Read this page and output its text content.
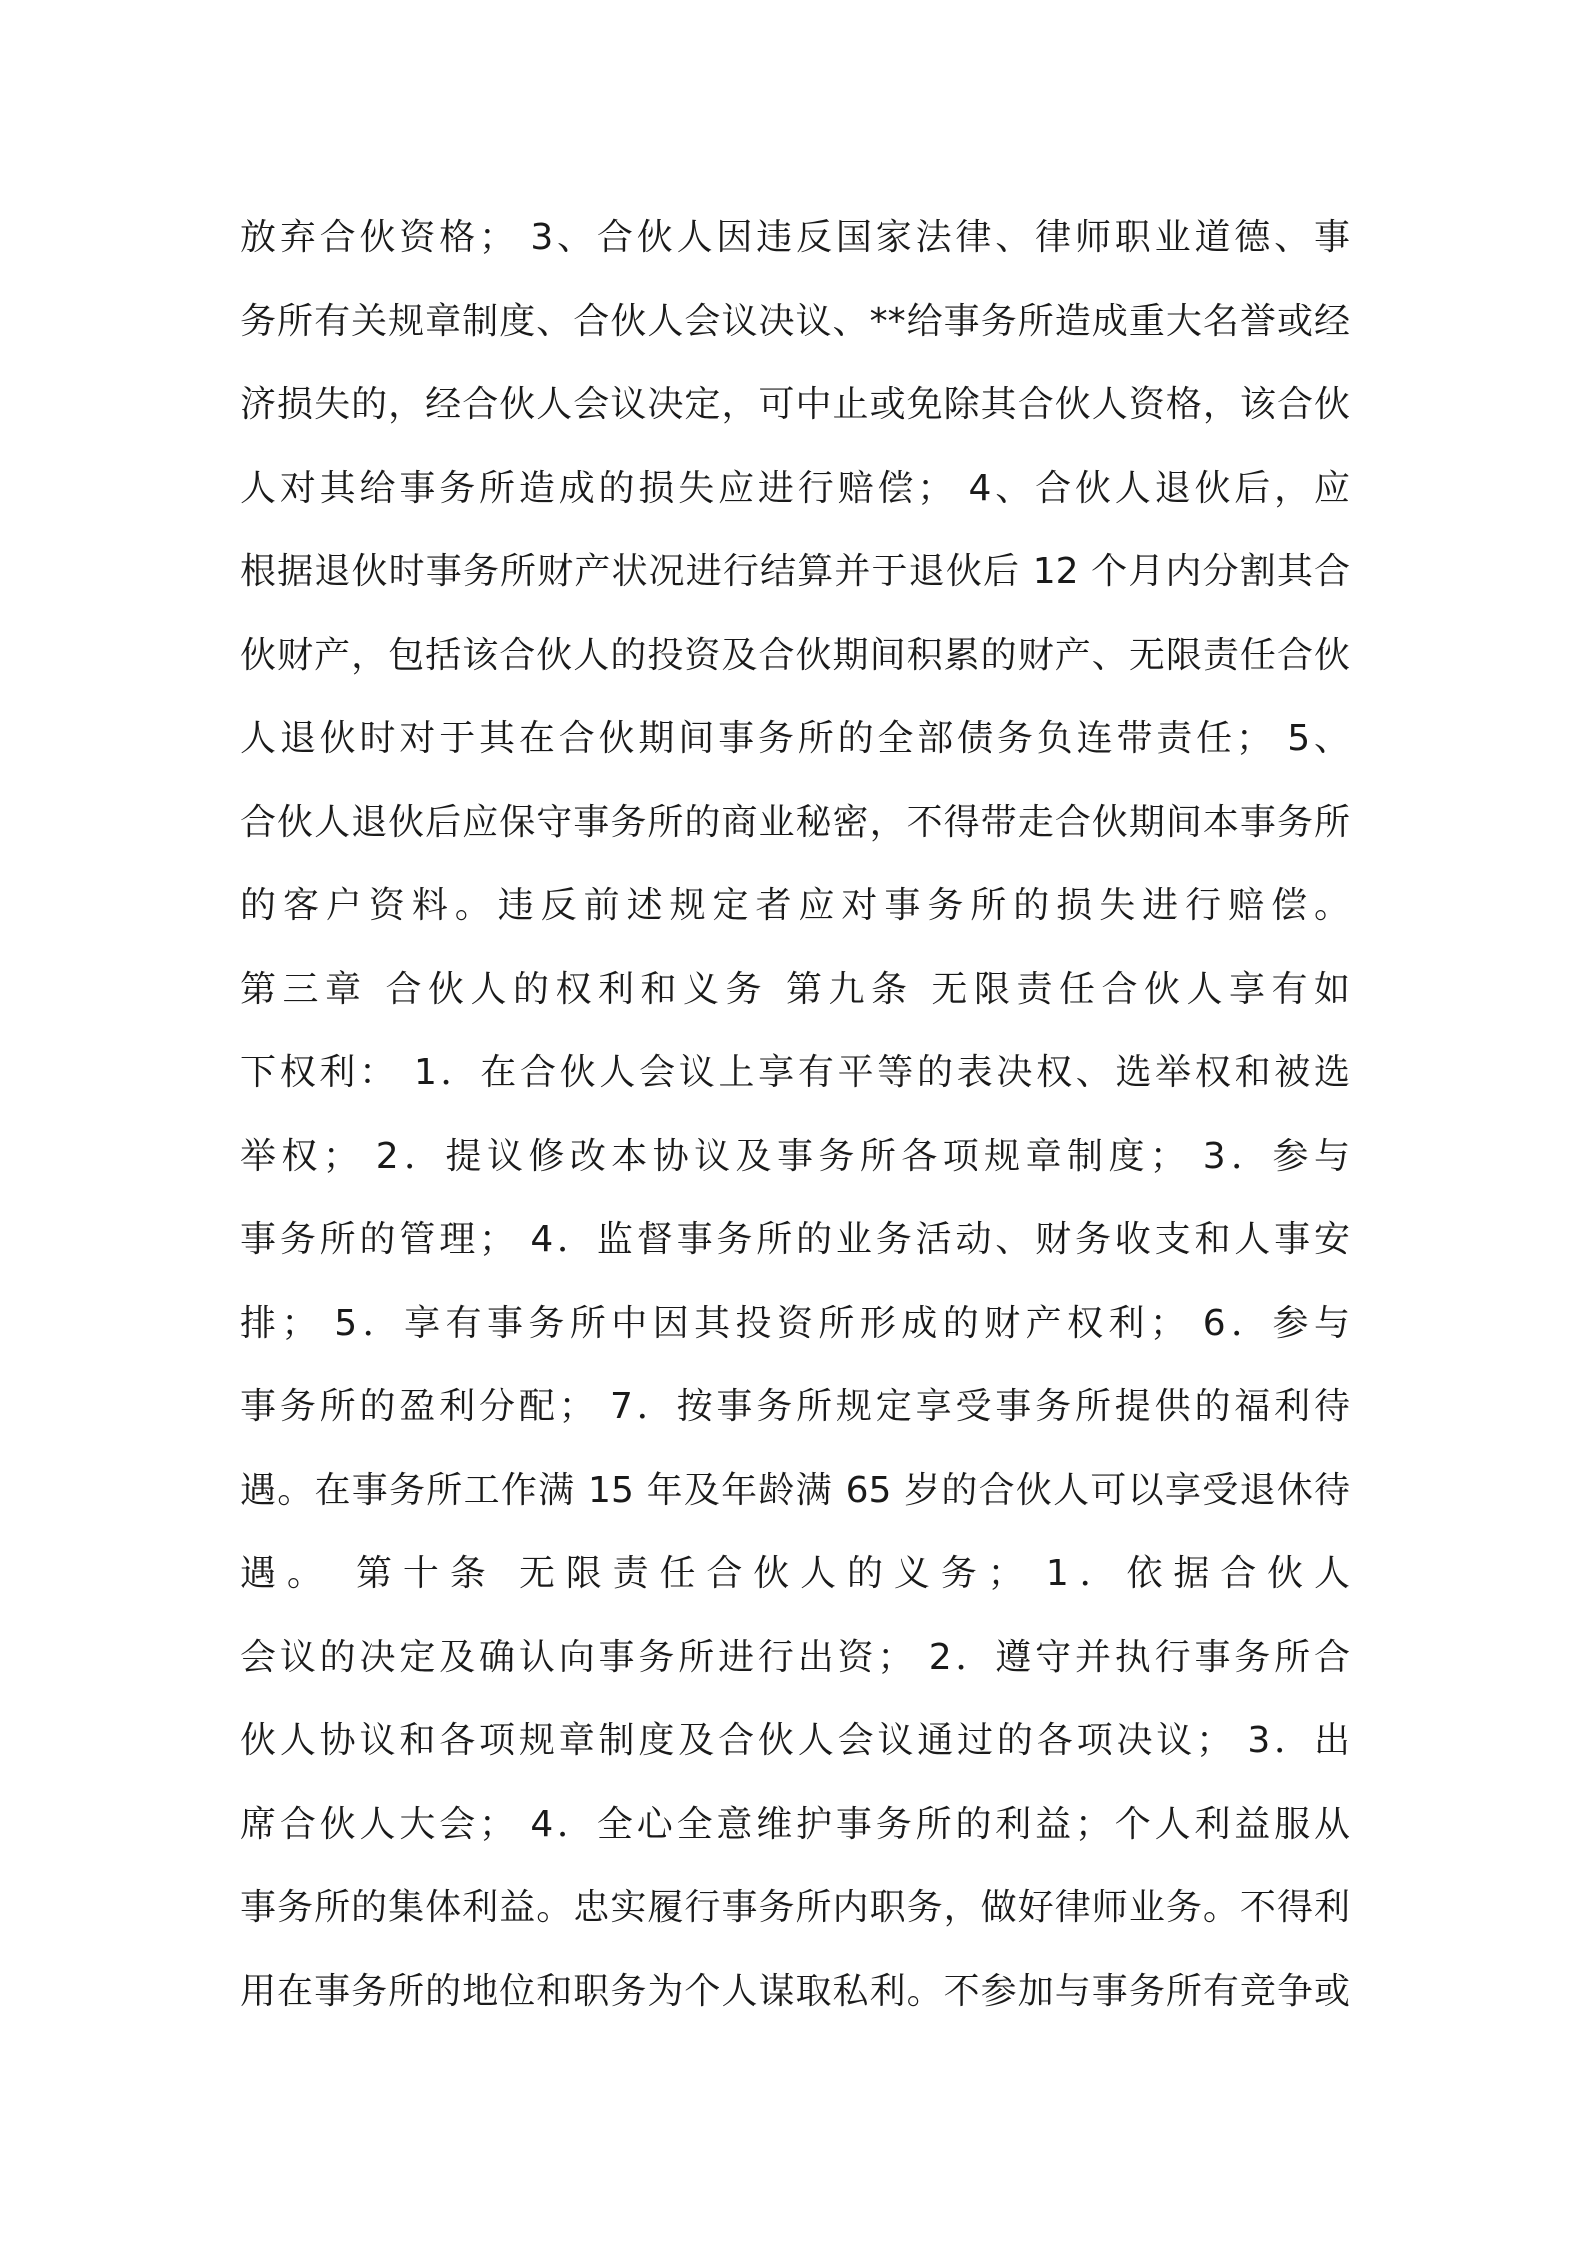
放弃合伙资格； 3、合伙人因违反国家法律、律师职业道德、事
务所有关规章制度、合伙人会议决议、**给事务所造成重大名誉或经
济损失的，经合伙人会议决定，可中止或免除其合伙人资格，该合伙
人对其给事务所造成的损失应进行赔偿； 4、合伙人退伙后，应
根据退伙时事务所财产状况进行结算并于退伙后 12 个月内分割其合
伙财产，包括该合伙人的投资及合伙期间积累的财产、无限责任合伙
人退伙时对于其在合伙期间事务所的全部债务负连带责任； 5、
合伙人退伙后应保守事务所的商业秘密，不得带走合伙期间本事务所
的客户资料。违反前述规定者应对事务所的损失进行赔偿。
第三章 合伙人的权利和义务 第九条 无限责任合伙人享有如
下权利： 1．在合伙人会议上享有平等的表决权、选举权和被选
举权； 2．提议修改本协议及事务所各项规章制度； 3．参与
事务所的管理； 4．监督事务所的业务活动、财务收支和人事安
排； 5．享有事务所中因其投资所形成的财产权利； 6．参与
事务所的盈利分配； 7．按事务所规定享受事务所提供的福利待
遇。在事务所工作满 15 年及年龄满 65 岁的合伙人可以享受退休待
遇。 第十条 无限责任合伙人的义务； 1．依据合伙人
会议的决定及确认向事务所进行出资； 2．遵守并执行事务所合
伙人协议和各项规章制度及合伙人会议通过的各项决议； 3．出
席合伙人大会； 4．全心全意维护事务所的利益；个人利益服从
事务所的集体利益。忠实履行事务所内职务，做好律师业务。不得利
用在事务所的地位和职务为个人谋取私利。不参加与事务所有竞争或
